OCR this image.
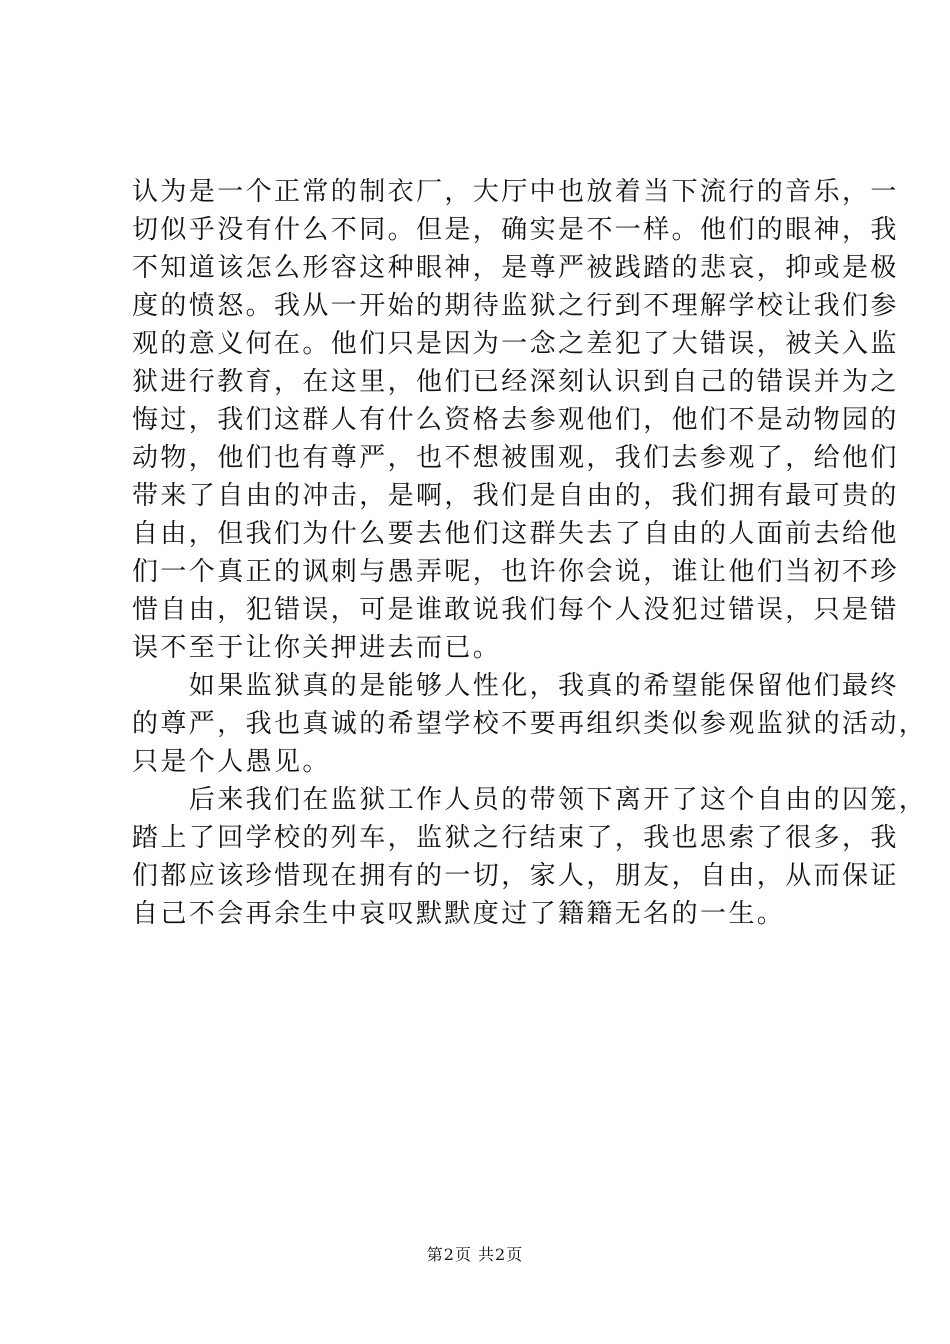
认为是一个正常的制衣厂，大厅中也放着当下流行的音乐，一
切似乎没有什么不同。但是，确实是不一样。他们的眼神，我
不知道该怎么形容这种眼神，是尊严被践踏的悲哀，抑或是极
度的愤怒。我从一开始的期待监狱之行到不理解学校让我们参
观的意义何在。他们只是因为一念之差犯了大错误，被关入监
狱进行教育，在这里，他们已经深刻认识到自己的错误并为之
悔过，我们这群人有什么资格去参观他们，他们不是动物园的
动物，他们也有尊严，也不想被围观，我们去参观了，给他们
带来了自由的冲击，是啊，我们是自由的，我们拥有最可贵的
自由，但我们为什么要去他们这群失去了自由的人面前去给他
们一个真正的讽刺与愚弄呢，也许你会说，谁让他们当初不珍
惜自由，犯错误，可是谁敢说我们每个人没犯过错误，只是错
误不至于让你关押进去而已。
　　如果监狱真的是能够人性化，我真的希望能保留他们最终
的尊严，我也真诚的希望学校不要再组织类似参观监狱的活动，
只是个人愚见。
　　后来我们在监狱工作人员的带领下离开了这个自由的囚笼，
踏上了回学校的列车，监狱之行结束了，我也思索了很多，我
们都应该珍惜现在拥有的一切，家人，朋友，自由，从而保证
自己不会再余生中哀叹默默度过了籍籍无名的一生。
第2页 共2页
